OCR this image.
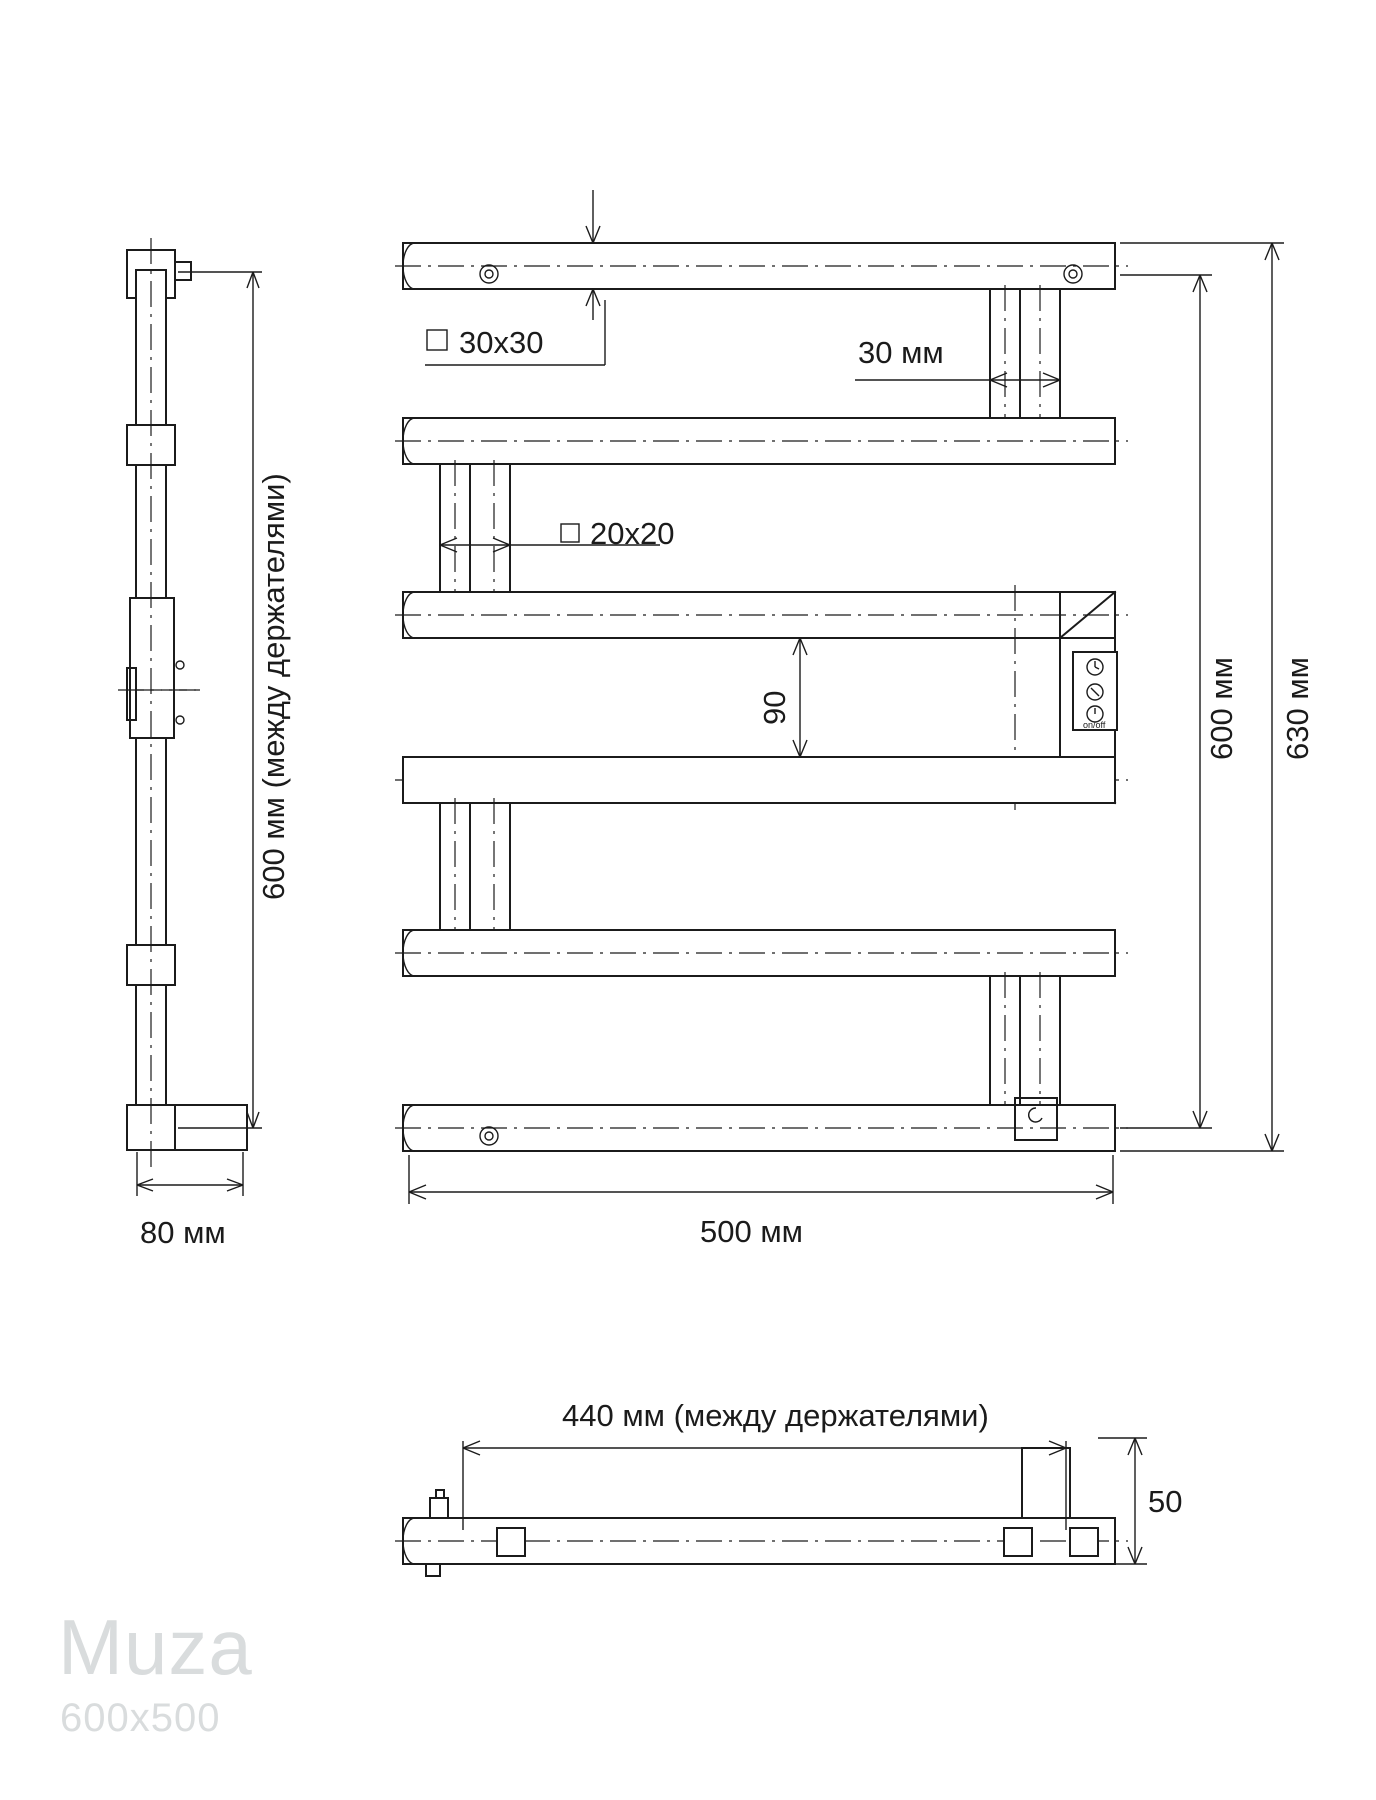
600 мм (между держателями)
80 мм
on/off
30x30	30 мм
20x20
90	600 мм 630 мм
500 мм
440 мм (между держателями)
50
Muza
600x500
